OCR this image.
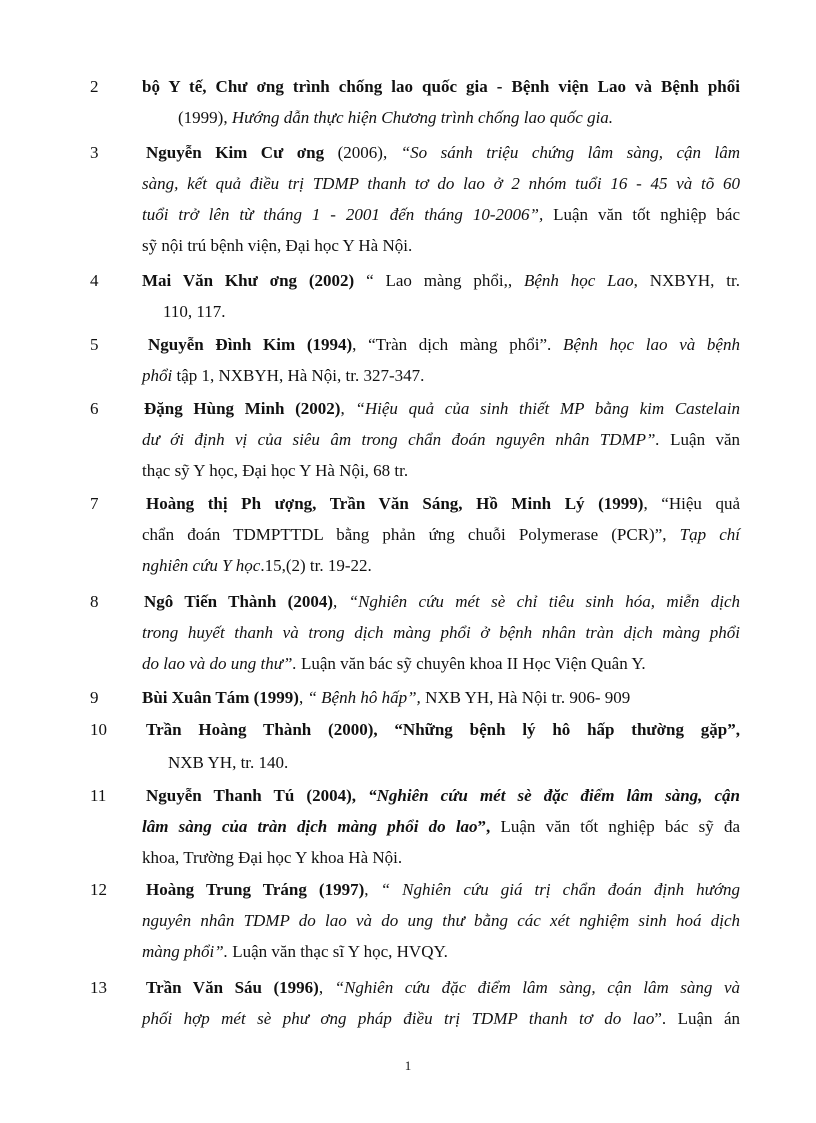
2	bộ Y tế, Chư ơng trình chống lao quốc gia - Bệnh viện Lao và Bệnh phổi
(1999), Hướng dẫn thực hiện Chương trình chống lao quốc gia.
3	Nguyễn Kim Cư ơng (2006), “So sánh triệu chứng lâm sàng, cận lâm
sàng, kết quả điều trị TDMP thanh tơ do lao ở 2 nhóm tuổi 16 - 45 và tõ 60
tuổi trở lên từ tháng 1 - 2001 đến tháng 10-2006”, Luận văn tốt nghiệp bác
sỹ nội trú bệnh viện, Đại học Y Hà Nội.
4	Mai Văn Khư ơng (2002) “ Lao màng phổi,, Bệnh học Lao, NXBYH, tr.
110, 117.
5	Nguyễn Đình Kim (1994), “Tràn dịch màng phổi”. Bệnh học lao và bệnh
phổi tập 1, NXBYH, Hà Nội, tr. 327-347.
6	Đặng Hùng Minh (2002), “Hiệu quả của sinh thiết MP bằng kim Castelain
dư ới định vị của siêu âm trong chẩn đoán nguyên nhân TDMP”. Luận văn
thạc sỹ Y học, Đại học Y Hà Nội, 68 tr.
7	Hoàng thị Ph ượng, Trần Văn Sáng, Hồ Minh Lý (1999), “Hiệu quả
chẩn đoán TDMPTTDL bằng phản ứng chuỗi Polymerase (PCR)”, Tạp chí
nghiên cứu Y học.15,(2) tr. 19-22.
8	Ngô Tiến Thành (2004), “Nghiên cứu mét sè chỉ tiêu sinh hóa, miễn dịch
trong huyết thanh và trong dịch màng phổi ở bệnh nhân tràn dịch màng phổi
do lao và do ung thư”. Luận văn bác sỹ chuyên khoa II Học Viện Quân Y.
9	Bùi Xuân Tám (1999), “ Bệnh hô hấp”, NXB YH, Hà Nội tr. 906- 909
10	Trần Hoàng Thành (2000), “Những bệnh lý hô hấp thường gặp”,
NXB YH, tr. 140.
11	Nguyễn Thanh Tú (2004), “Nghiên cứu mét sè đặc điểm lâm sàng, cận
lâm sàng của tràn dịch màng phổi do lao”, Luận văn tốt nghiệp bác sỹ đa
khoa, Trường Đại học Y khoa Hà Nội.
12	Hoàng Trung Tráng (1997), “ Nghiên cứu giá trị chẩn đoán định hướng
nguyên nhân TDMP do lao và do ung thư bằng các xét nghiệm sinh hoá dịch
màng phổi”. Luận văn thạc sĩ Y học, HVQY.
13	Trần Văn Sáu (1996), “Nghiên cứu đặc điểm lâm sàng, cận lâm sàng và
phối hợp mét sè phư ơng pháp điều trị TDMP thanh tơ do lao”. Luận án
1
